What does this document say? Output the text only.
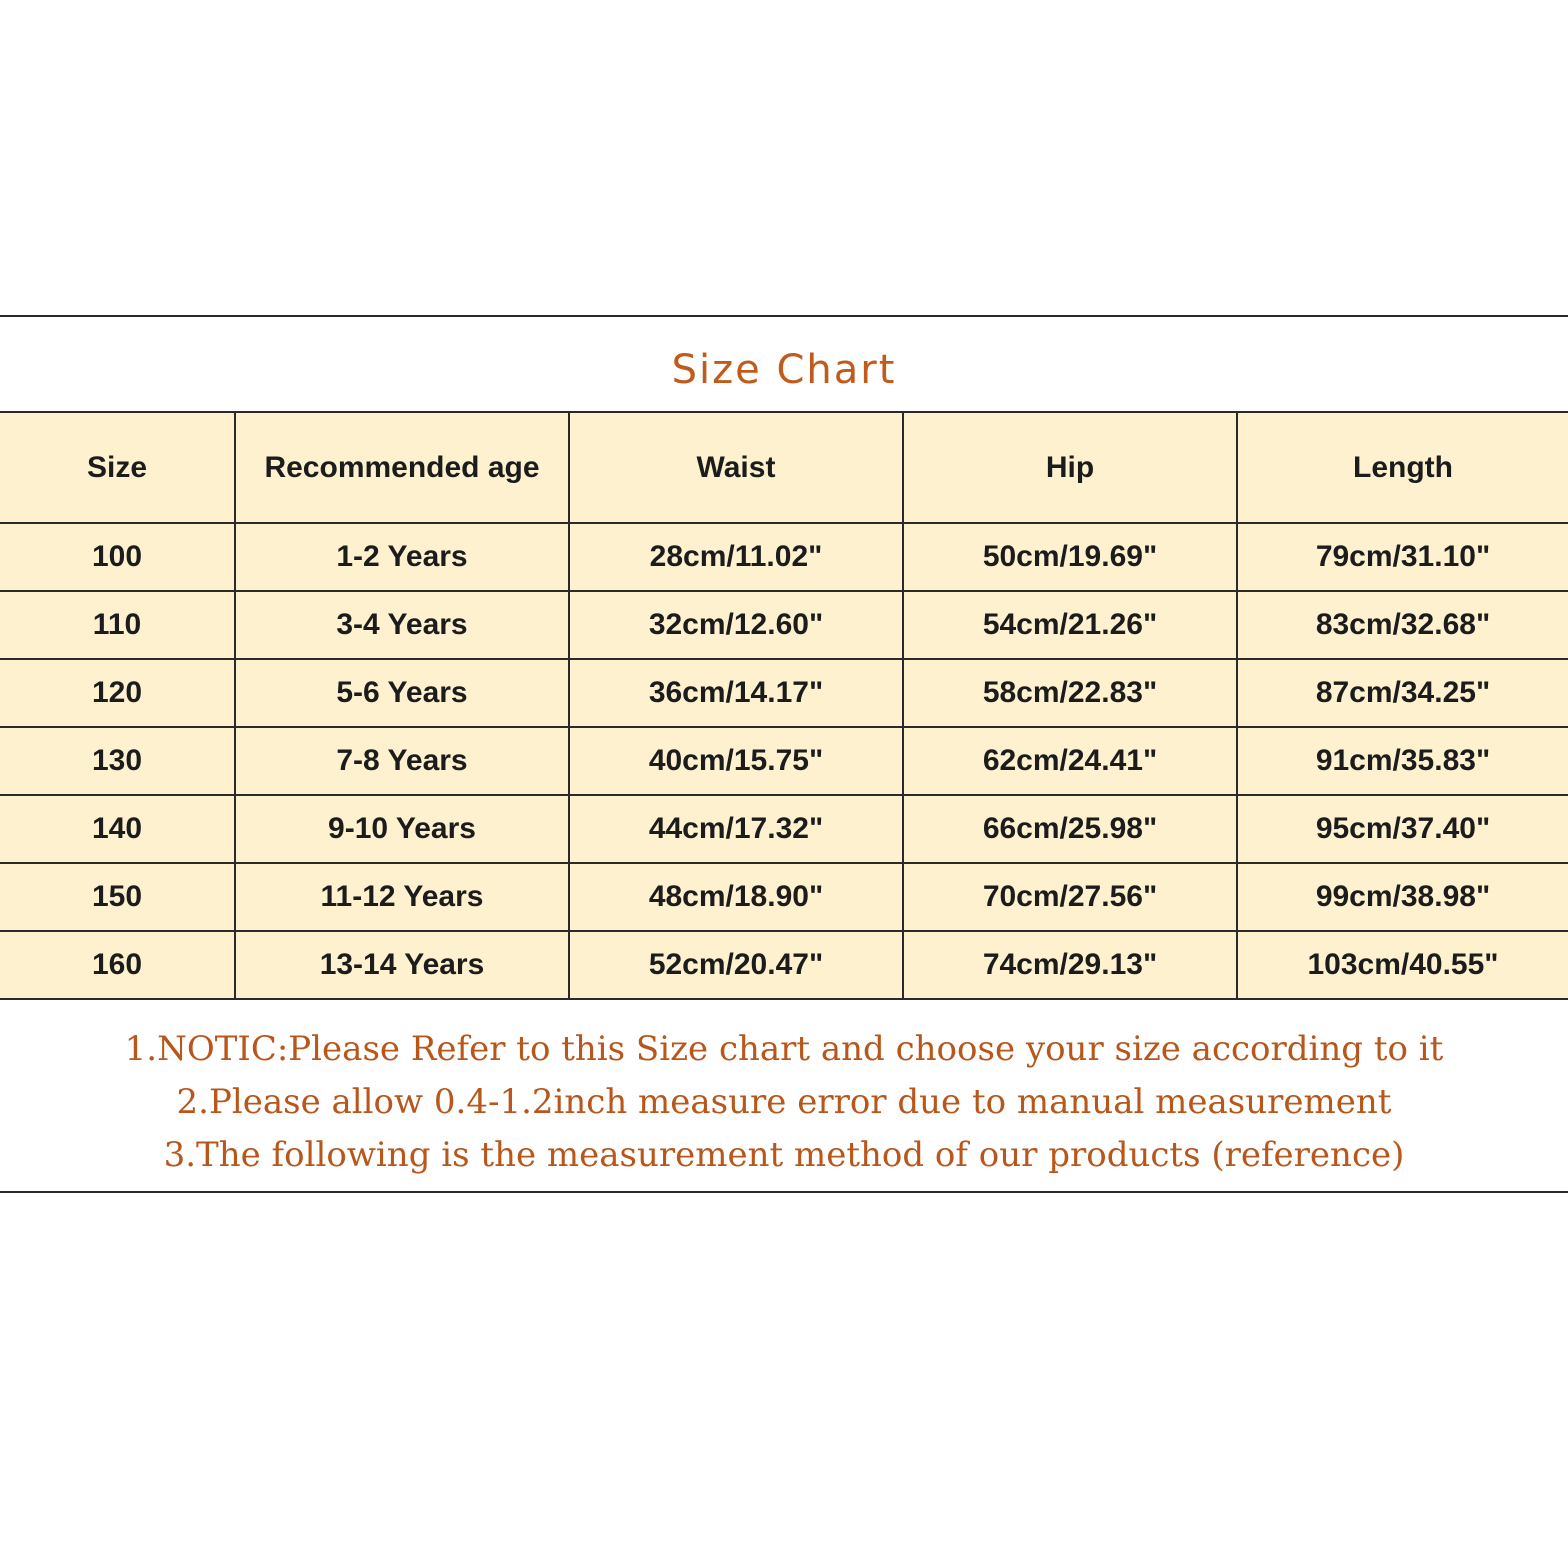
Size Chart
Size	Recommended age	Waist	Hip	Length
100	1-2 Years	28cm/11.02"	50cm/19.69"	79cm/31.10"
110	3-4 Years	32cm/12.60"	54cm/21.26"	83cm/32.68"
120	5-6 Years	36cm/14.17"	58cm/22.83"	87cm/34.25"
130	7-8 Years	40cm/15.75"	62cm/24.41"	91cm/35.83"
140	9-10 Years	44cm/17.32"	66cm/25.98"	95cm/37.40"
150	11-12 Years	48cm/18.90"	70cm/27.56"	99cm/38.98"
160	13-14 Years	52cm/20.47"	74cm/29.13"	103cm/40.55"
1.NOTIC:Please Refer to this Size chart and choose your size according to it
2.Please allow 0.4-1.2inch measure error due to manual measurement
3.The following is the measurement method of our products (reference)
